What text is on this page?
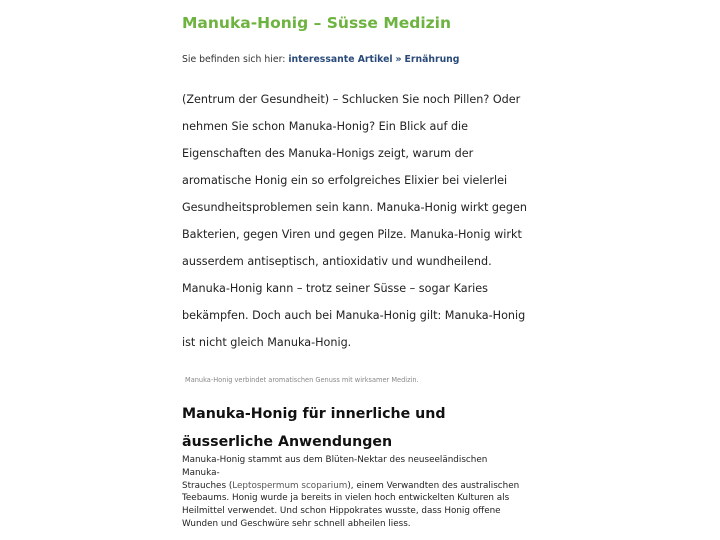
Manuka-Honig – Süsse Medizin
Sie befinden sich hier: interessante Artikel » Ernährung

(Zentrum der Gesundheit) – Schlucken Sie noch Pillen? Oder
nehmen Sie schon Manuka-Honig? Ein Blick auf die
Eigenschaften des Manuka-Honigs zeigt, warum der
aromatische Honig ein so erfolgreiches Elixier bei vielerlei
Gesundheitsproblemen sein kann. Manuka-Honig wirkt gegen
Bakterien, gegen Viren und gegen Pilze. Manuka-Honig wirkt
ausserdem antiseptisch, antioxidativ und wundheilend.
Manuka-Honig kann – trotz seiner Süsse – sogar Karies
bekämpfen. Doch auch bei Manuka-Honig gilt: Manuka-Honig
ist nicht gleich Manuka-Honig.

Manuka-Honig verbindet aromatischen Genuss mit wirksamer Medizin.
Manuka-Honig für innerliche und äusserliche Anwendungen

Manuka-Honig stammt aus dem Blüten-Nektar des neuseeländischen Manuka-
Strauches (Leptospermum scoparium), einem Verwandten des australischen
Teebaums. Honig wurde ja bereits in vielen hoch entwickelten Kulturen als
Heilmittel verwendet. Und schon Hippokrates wusste, dass Honig offene
Wunden und Geschwüre sehr schnell abheilen liess.
